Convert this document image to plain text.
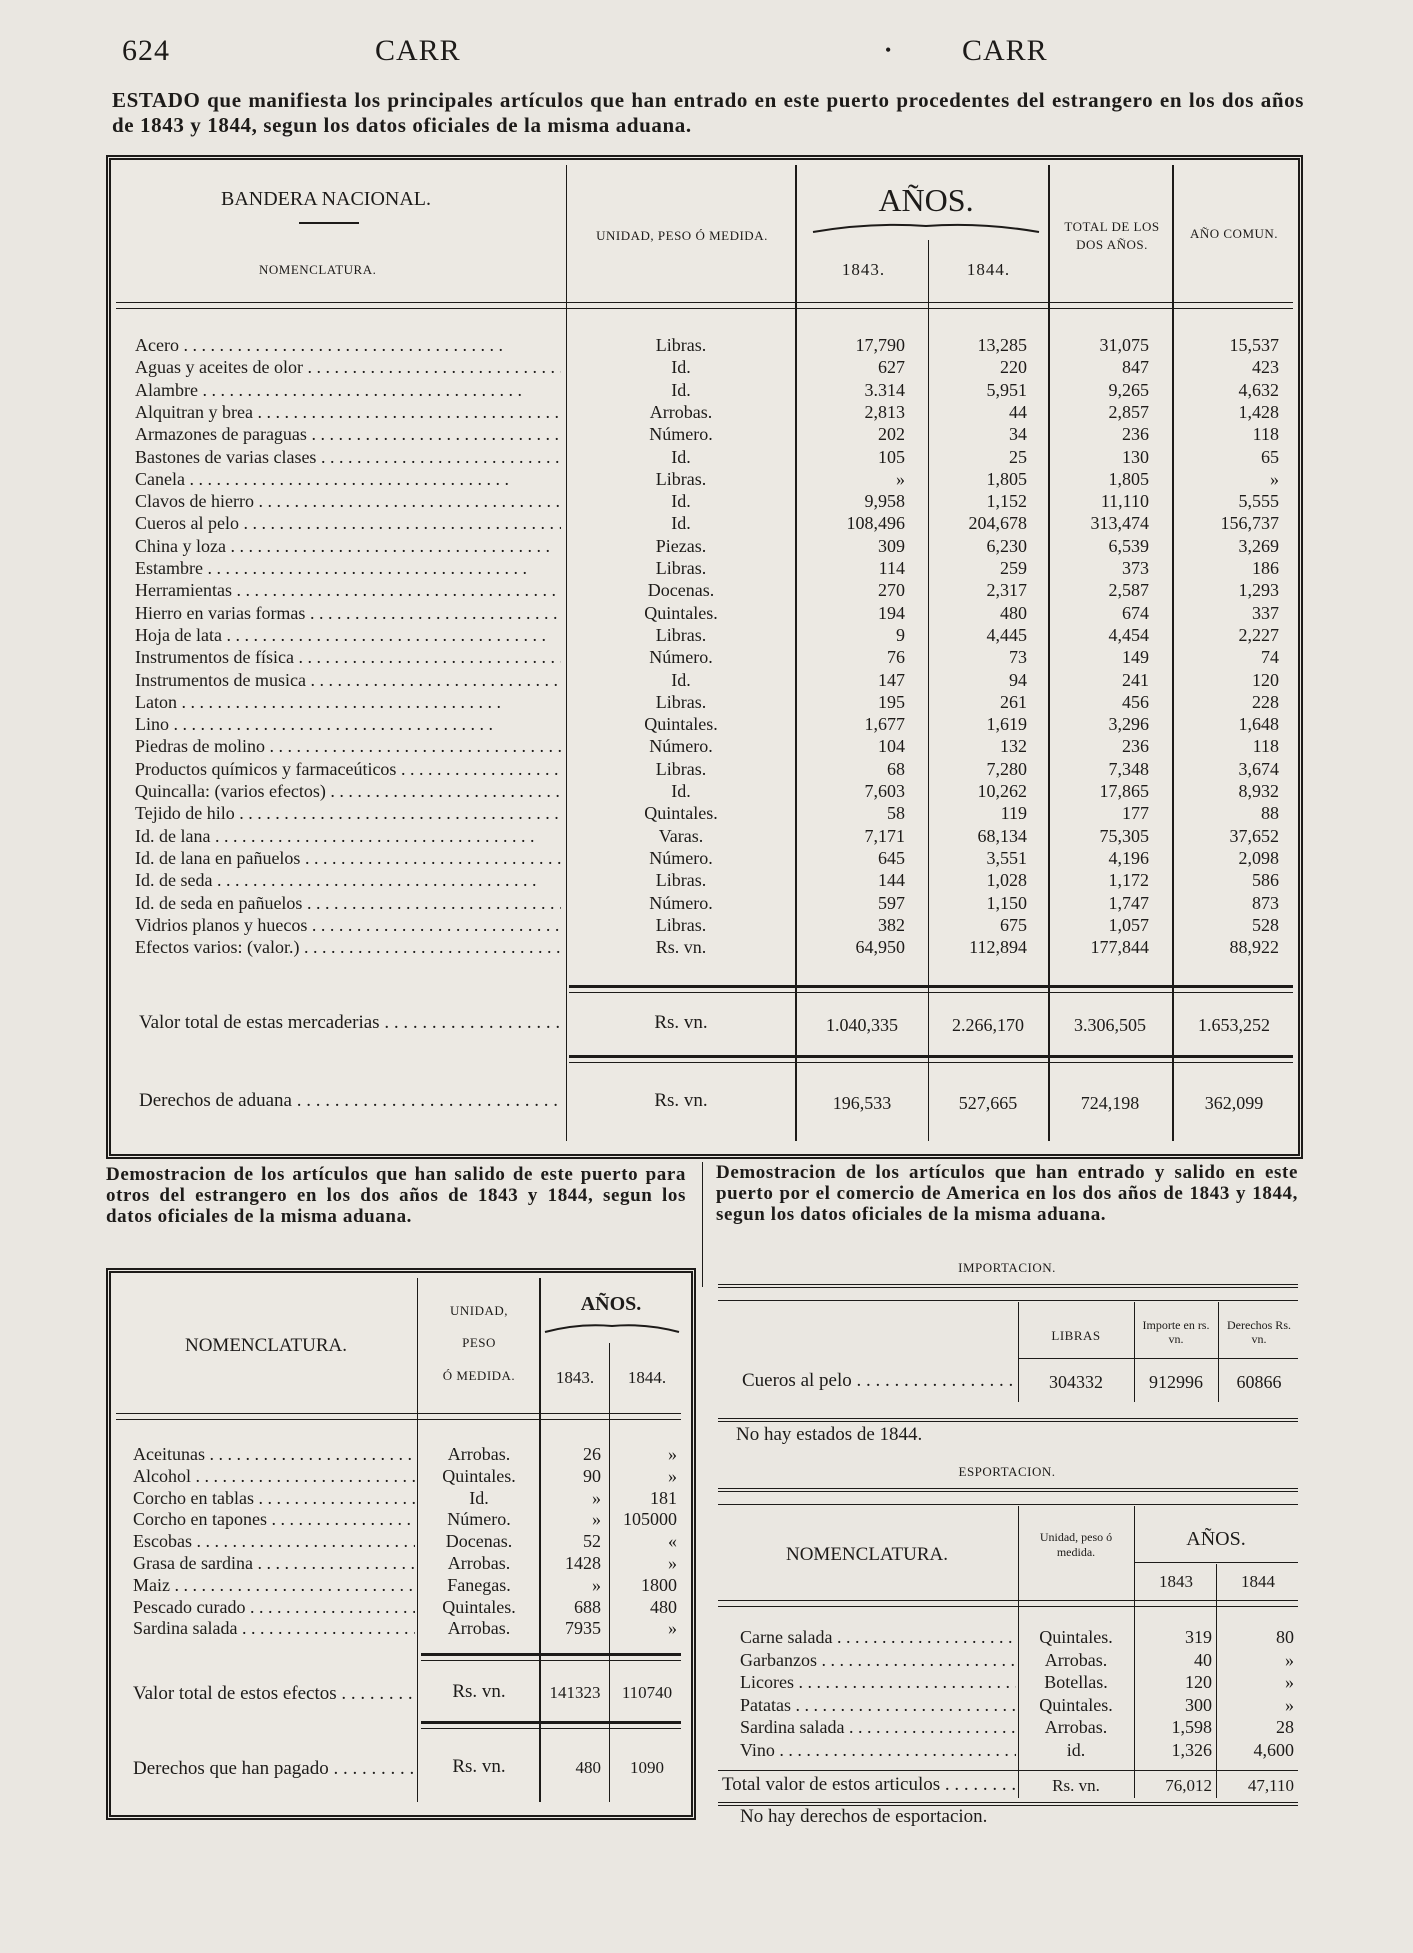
624	CARR	• CARR
ESTADO que manifiesta los principales artículos que han entrado en este puerto procedentes del estrangero en los dos años de 1843 y 1844, segun los datos oficiales de la misma aduana.
BANDERA NACIONAL.
NOMENCLATURA.
UNIDAD, PESO Ó MEDIDA.
AÑOS.
1843.	1844.
TOTAL DE LOS DOS AÑOS.
AÑO COMUN.
Acero . . .	Libras.	17,790	13,285	31,075	15,537
Aguas y aceites de olor . . .	Id.	627	220	847	423
Alambre . . .	Id.	3.314	5,951	9,265	4,632
Alquitran y brea . . .	Arrobas.	2,813	44	2,857	1,428
Armazones de paraguas . . .	Número.	202	34	236	118
Bastones de varias clases . . .	Id.	105	25	130	65
Canela . . .	Libras.	»	1,805	1,805	»
Clavos de hierro . . .	Id.	9,958	1,152	11,110	5,555
Cueros al pelo . . .	Id.	108,496	204,678	313,474	156,737
China y loza . . .	Piezas.	309	6,230	6,539	3,269
Estambre . . .	Libras.	114	259	373	186
Herramientas . . .	Docenas.	270	2,317	2,587	1,293
Hierro en varias formas . . .	Quintales.	194	480	674	337
Hoja de lata . . .	Libras.	9	4,445	4,454	2,227
Instrumentos de física . . .	Número.	76	73	149	74
Instrumentos de musica . . .	Id.	147	94	241	120
Laton . . .	Libras.	195	261	456	228
Lino . . .	Quintales.	1,677	1,619	3,296	1,648
Piedras de molino . . .	Número.	104	132	236	118
Productos químicos y farmaceúticos . . .	Libras.	68	7,280	7,348	3,674
Quincalla: (varios efectos) . . .	Id.	7,603	10,262	17,865	8,932
Tejido de hilo . . .	Quintales.	58	119	177	88
Id. de lana . . .	Varas.	7,171	68,134	75,305	37,652
Id. de lana en pañuelos . . .	Número.	645	3,551	4,196	2,098
Id. de seda . . .	Libras.	144	1,028	1,172	586
Id. de seda en pañuelos . . .	Número.	597	1,150	1,747	873
Vidrios planos y huecos . . .	Libras.	382	675	1,057	528
Efectos varios: (valor.) . . .	Rs. vn.	64,950	112,894	177,844	88,922
Valor total de estas mercaderias . . .	Rs. vn.	1.040,335	2.266,170	3.306,505	1.653,252
Derechos de aduana . . .	Rs. vn.	196,533	527,665	724,198	362,099
Demostracion de los artículos que han salido de este puerto para otros del estrangero en los dos años de 1843 y 1844, segun los datos oficiales de la misma aduana.
NOMENCLATURA.
UNIDAD,
PESO
Ó MEDIDA.
AÑOS.
1843.	1844.
Aceitunas . . .	Arrobas.	26	»
Alcohol . . .	Quintales.	90	»
Corcho en tablas . . .	Id.	»	181
Corcho en tapones . . .	Número.	»	105000
Escobas . . .	Docenas.	52	«
Grasa de sardina . . .	Arrobas.	1428	»
Maiz . . .	Fanegas.	»	1800
Pescado curado . . .	Quintales.	688	480
Sardina salada . . .	Arrobas.	7935	»
Valor total de estos efectos . . .	Rs. vn.	141323	110740
Derechos que han pagado . . .	Rs. vn.	480	1090
Demostracion de los artículos que han entrado y salido en este puerto por el comercio de America en los dos años de 1843 y 1844, segun los datos oficiales de la misma aduana.
IMPORTACION.
LIBRAS
Importe en rs. vn.
Derechos Rs. vn.
Cueros al pelo . . .	304332	912996	60866
No hay estados de 1844.
ESPORTACION.
NOMENCLATURA.
Unidad, peso ó medida.
AÑOS.
1843	1844
Carne salada . . .	Quintales.	319	80
Garbanzos . . .	Arrobas.	40	»
Licores . . .	Botellas.	120	»
Patatas . . .	Quintales.	300	»
Sardina salada . . .	Arrobas.	1,598	28
Vino . . .	id.	1,326	4,600
Total valor de estos articulos . . .	Rs. vn.	76,012	47,110
No hay derechos de esportacion.
